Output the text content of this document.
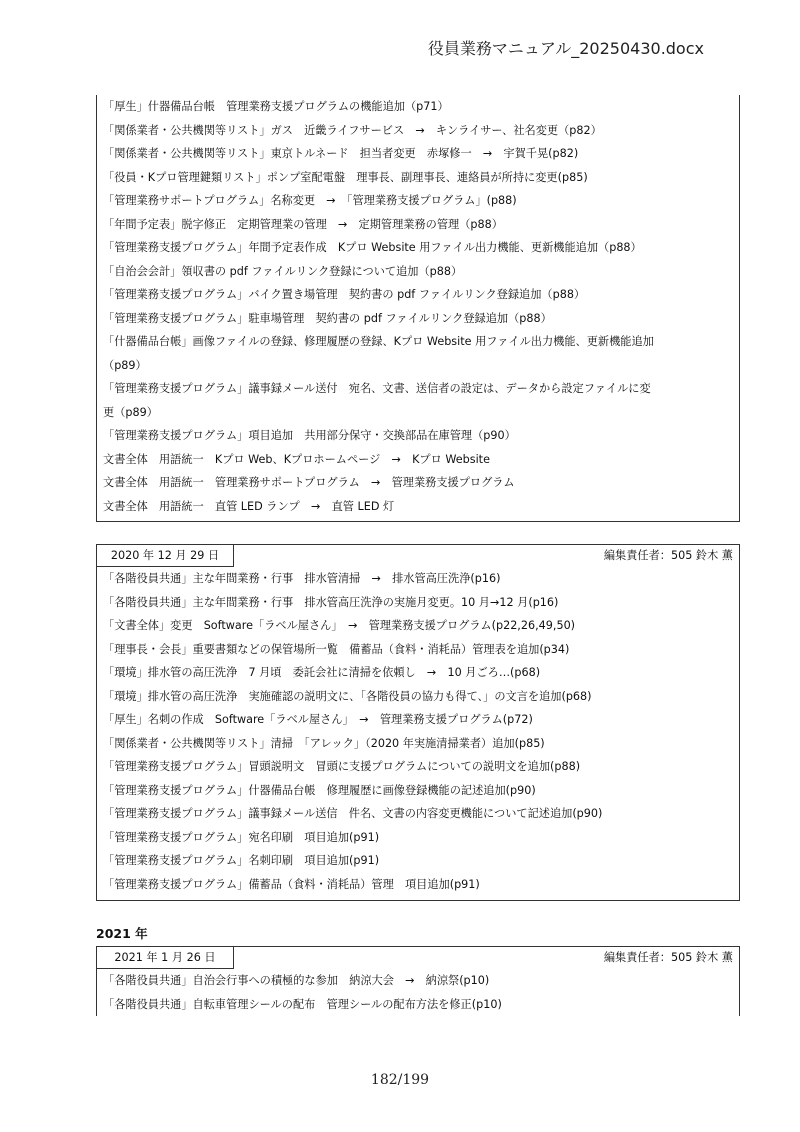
役員業務マニュアル_20250430.docx
「厚生」什器備品台帳　管理業務支援プログラムの機能追加（p71）
「関係業者・公共機関等リスト」ガス　近畿ライフサービス　→　キンライサー、社名変更（p82）
「関係業者・公共機関等リスト」東京トルネード　担当者変更　赤塚修一　→　宇賀千晃(p82)
「役員・Kプロ管理鍵類リスト」ポンプ室配電盤　理事長、副理事長、連絡員が所持に変更(p85)
「管理業務サポートプログラム」名称変更　→　「管理業務支援プログラム」(p88)
「年間予定表」脱字修正　定期管理業の管理　→　定期管理業務の管理（p88）
「管理業務支援プログラム」年間予定表作成　Kプロ Website 用ファイル出力機能、更新機能追加（p88）
「自治会会計」領収書の pdf ファイルリンク登録について追加（p88）
「管理業務支援プログラム」バイク置き場管理　契約書の pdf ファイルリンク登録追加（p88）
「管理業務支援プログラム」駐車場管理　契約書の pdf ファイルリンク登録追加（p88）
「什器備品台帳」画像ファイルの登録、修理履歴の登録、Kプロ Website 用ファイル出力機能、更新機能追加
（p89）
「管理業務支援プログラム」議事録メール送付　宛名、文書、送信者の設定は、データから設定ファイルに変
更（p89）
「管理業務支援プログラム」項目追加　共用部分保守・交換部品在庫管理（p90）
文書全体　用語統一　Kプロ Web、Kプロホームページ　→　Kプロ Website
文書全体　用語統一　管理業務サポートプログラム　→　管理業務支援プログラム
文書全体　用語統一　直管 LED ランプ　→　直管 LED 灯
2020 年 12 月 29 日	編集責任者：505 鈴木 薫
「各階役員共通」主な年間業務・行事　排水管清掃　→　排水管高圧洗浄(p16)
「各階役員共通」主な年間業務・行事　排水管高圧洗浄の実施月変更。10 月→12 月(p16)
「文書全体」変更　Software「ラベル屋さん」　→　管理業務支援プログラム(p22,26,49,50)
「理事長・会長」重要書類などの保管場所一覧　備蓄品（食料・消耗品）管理表を追加(p34)
「環境」排水管の高圧洗浄　7 月頃　委託会社に清掃を依頼し　→　10 月ごろ…(p68)
「環境」排水管の高圧洗浄　実施確認の説明文に、「各階役員の協力も得て、」の文言を追加(p68)
「厚生」名刺の作成　Software「ラベル屋さん」　→　管理業務支援プログラム(p72)
「関係業者・公共機関等リスト」清掃　「アレック」（2020 年実施清掃業者）追加(p85)
「管理業務支援プログラム」冒頭説明文　冒頭に支援プログラムについての説明文を追加(p88)
「管理業務支援プログラム」什器備品台帳　修理履歴に画像登録機能の記述追加(p90)
「管理業務支援プログラム」議事録メール送信　件名、文書の内容変更機能について記述追加(p90)
「管理業務支援プログラム」宛名印刷　項目追加(p91)
「管理業務支援プログラム」名刺印刷　項目追加(p91)
「管理業務支援プログラム」備蓄品（食料・消耗品）管理　項目追加(p91)
2021 年
2021 年 1 月 26 日	編集責任者：505 鈴木 薫
「各階役員共通」自治会行事への積極的な参加　納涼大会　→　納涼祭(p10)
「各階役員共通」自転車管理シールの配布　管理シールの配布方法を修正(p10)
182/199
